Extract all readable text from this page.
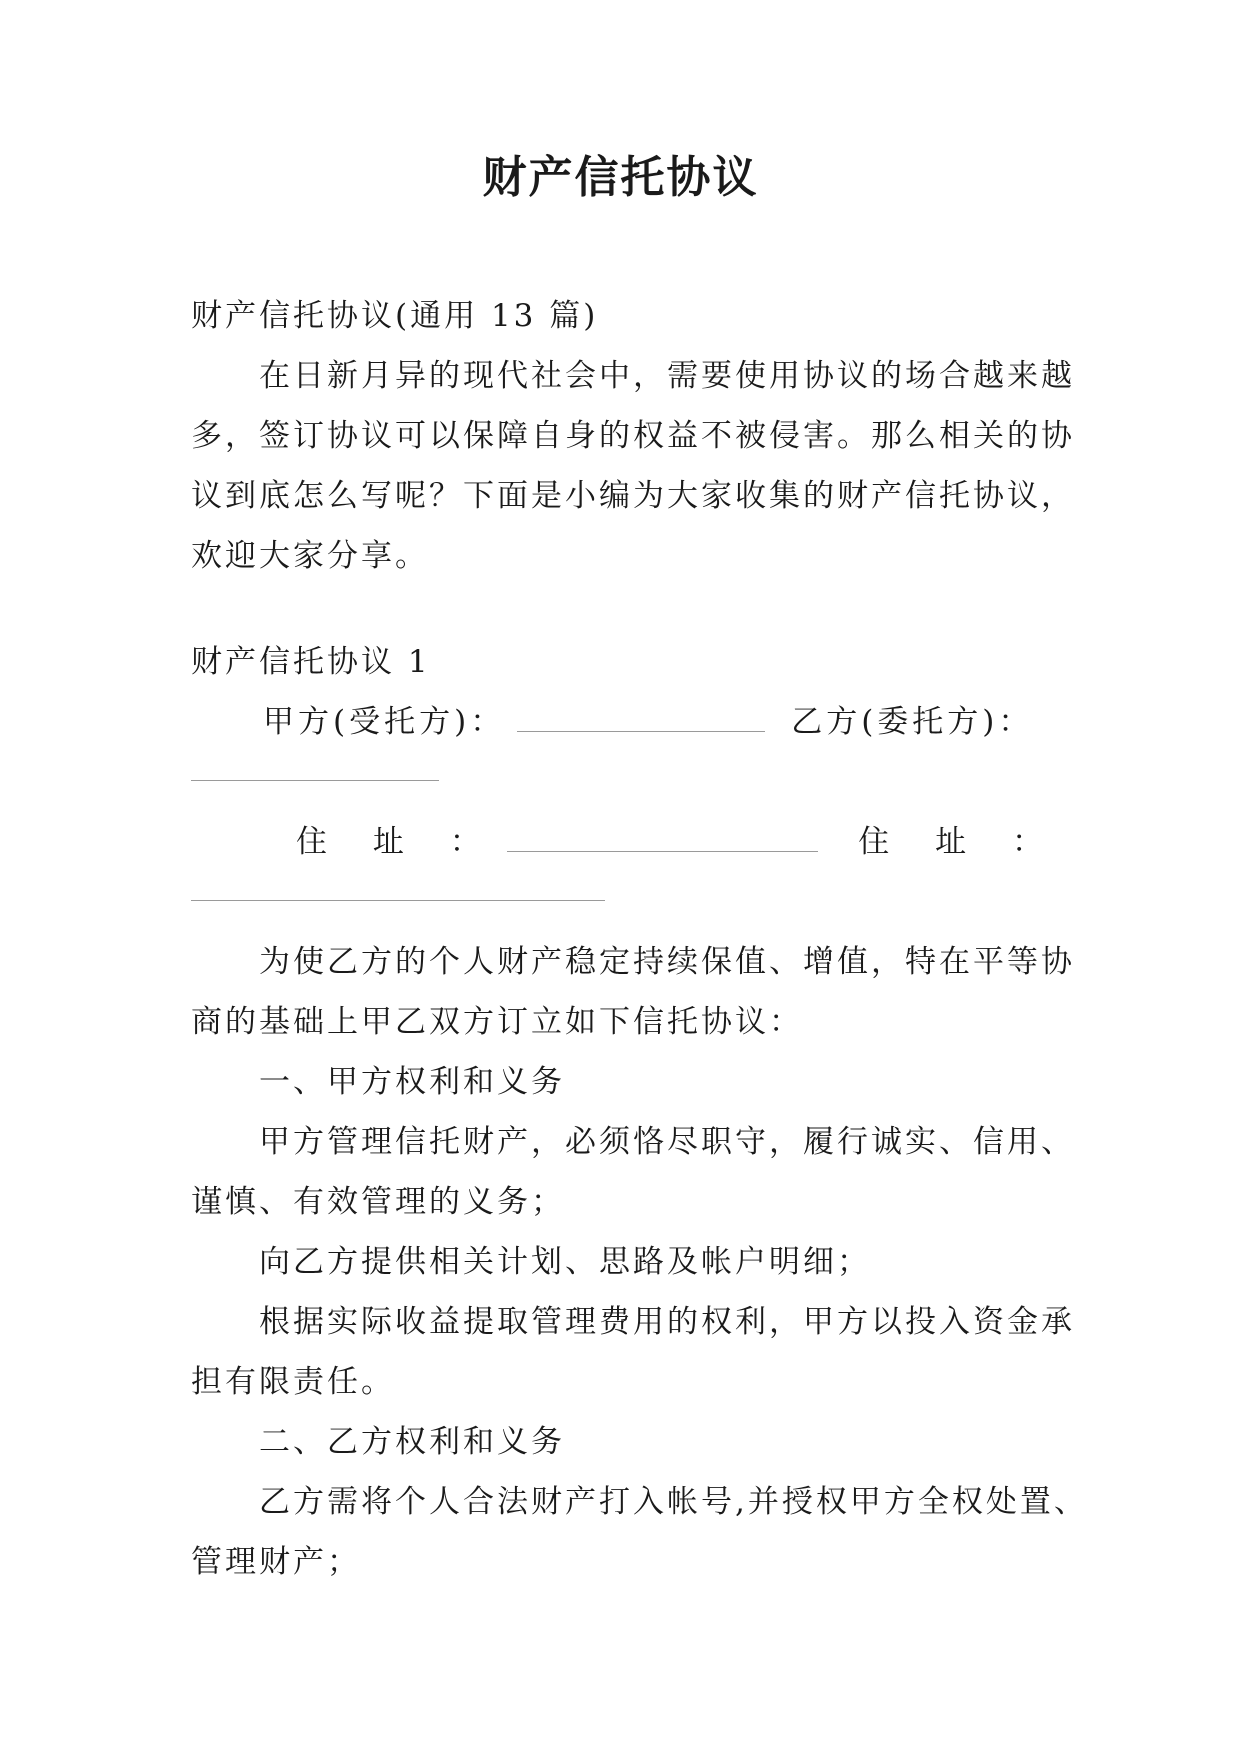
财产信托协议
财产信托协议(通用 13 篇)
在日新月异的现代社会中，需要使用协议的场合越来越
多，签订协议可以保障自身的权益不被侵害。那么相关的协
议到底怎么写呢？下面是小编为大家收集的财产信托协议，
欢迎大家分享。
财产信托协议 1
甲方(受托方)：	乙方(委托方)：
住 址 ：	住 址 ：
为使乙方的个人财产稳定持续保值、增值，特在平等协
商的基础上甲乙双方订立如下信托协议：
一、甲方权利和义务
甲方管理信托财产，必须恪尽职守，履行诚实、信用、
谨慎、有效管理的义务；
向乙方提供相关计划、思路及帐户明细；
根据实际收益提取管理费用的权利，甲方以投入资金承
担有限责任。
二、乙方权利和义务
乙方需将个人合法财产打入帐号,并授权甲方全权处置、
管理财产；
